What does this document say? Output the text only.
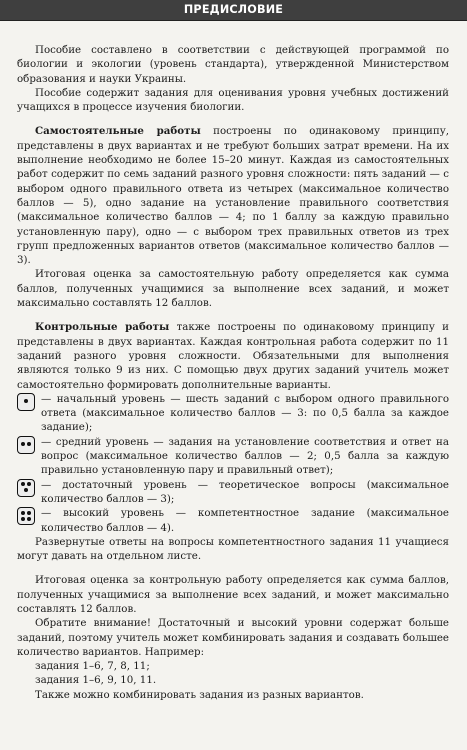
ПРЕДИСЛОВИЕ

Пособие составлено в соответствии с действующей программой по биологии и экологии (уровень стандарта), утвержденной Министерством образования и науки Украины.

Пособие содержит задания для оценивания уровня учебных достижений учащихся в процессе изучения биологии.

Самостоятельные работы построены по одинаковому принципу, представлены в двух вариантах и не требуют больших затрат времени. На их выполнение необходимо не более 15–20 минут. Каждая из самостоятельных работ содержит по семь заданий разного уровня сложности: пять заданий — с выбором одного правильного ответа из четырех (максимальное количество баллов — 5), одно задание на установление правильного соответствия (максимальное количество баллов — 4; по 1 баллу за каждую правильно установленную пару), одно — с выбором трех правильных ответов из трех групп предложенных вариантов ответов (максимальное количество баллов — 3).

Итоговая оценка за самостоятельную работу определяется как сумма баллов, полученных учащимися за выполнение всех заданий, и может максимально составлять 12 баллов.

Контрольные работы также построены по одинаковому принципу и представлены в двух вариантах. Каждая контрольная работа содержит по 11 заданий разного уровня сложности. Обязательными для выполнения являются только 9 из них. С помощью двух других заданий учитель может самостоятельно формировать дополнительные варианты.

— начальный уровень — шесть заданий с выбором одного правильного ответа (максимальное количество баллов — 3: по 0,5 балла за каждое задание);

— средний уровень — задания на установление соответствия и ответ на вопрос (максимальное количество баллов — 2; 0,5 балла за каждую правильно установленную пару и правильный ответ);

— достаточный уровень — теоретическое вопросы (максимальное количество баллов — 3);

— высокий уровень — компетентностное задание (максимальное количество баллов — 4).

Развернутые ответы на вопросы компетентностного задания 11 учащиеся могут давать на отдельном листе.

Итоговая оценка за контрольную работу определяется как сумма баллов, полученных учащимися за выполнение всех заданий, и может максимально составлять 12 баллов.

Обратите внимание! Достаточный и высокий уровни содержат больше заданий, поэтому учитель может комбинировать задания и создавать большее количество вариантов. Например:

задания 1–6, 7, 8, 11;

задания 1–6, 9, 10, 11.

Также можно комбинировать задания из разных вариантов.
